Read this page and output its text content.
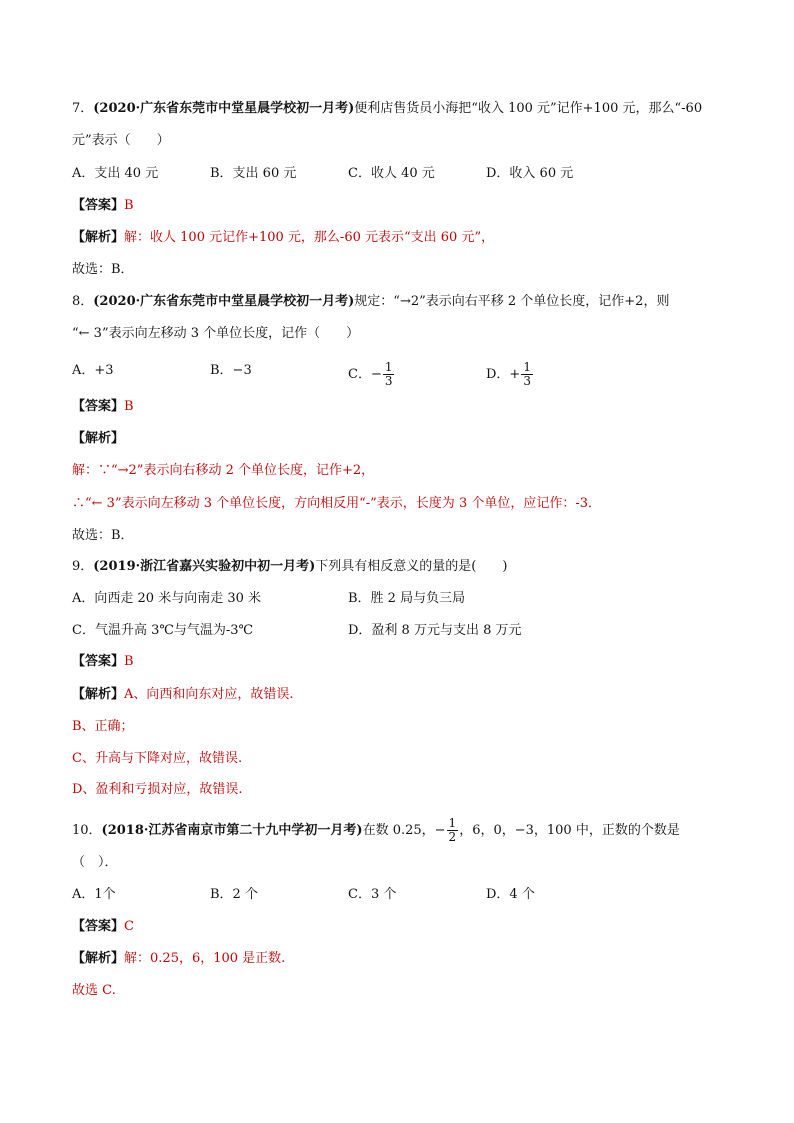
7．(2020·广东省东莞市中堂星晨学校初一月考)便利店售货员小海把“收入 100 元”记作+100 元，那么“-60
元”表示（　　）
A．支出 40 元	B．支出 60 元	C．收人 40 元	D．收入 60 元
【答案】B
【解析】解：收人 100 元记作+100 元，那么-60 元表示“支出 60 元”，
故选：B．
8．(2020·广东省东莞市中堂星晨学校初一月考)规定：“→2”表示向右平移 2 个单位长度，记作+2，则
“← 3”表示向左移动 3 个单位长度，记作（　　）
A．+3	B．−3	C．− $\frac{1}{3}$	D．+ $\frac{1}{3}$
【答案】B
【解析】
解：∵“→2”表示向右移动 2 个单位长度，记作+2，
∴“← 3”表示向左移动 3 个单位长度，方向相反用“-”表示，长度为 3 个单位，应记作：-3．
故选：B．
9．(2019·浙江省嘉兴实验初中初一月考)下列具有相反意义的量的是(　　)
A．向西走 20 米与向南走 30 米	B．胜 2 局与负三局
C．气温升高 3℃与气温为-3℃	D．盈利 8 万元与支出 8 万元
【答案】B
【解析】A、向西和向东对应，故错误.
B、正确；
C、升高与下降对应，故错误.
D、盈利和亏损对应，故错误.
10．(2018·江苏省南京市第二十九中学初一月考)在数 0.25，− $\frac{1}{2}$ ，6，0，−3，100 中，正数的个数是
（　）．
A．1个	B．2 个	C．3 个	D．4 个
【答案】C
【解析】解：0.25，6，100 是正数.
故选 C.
